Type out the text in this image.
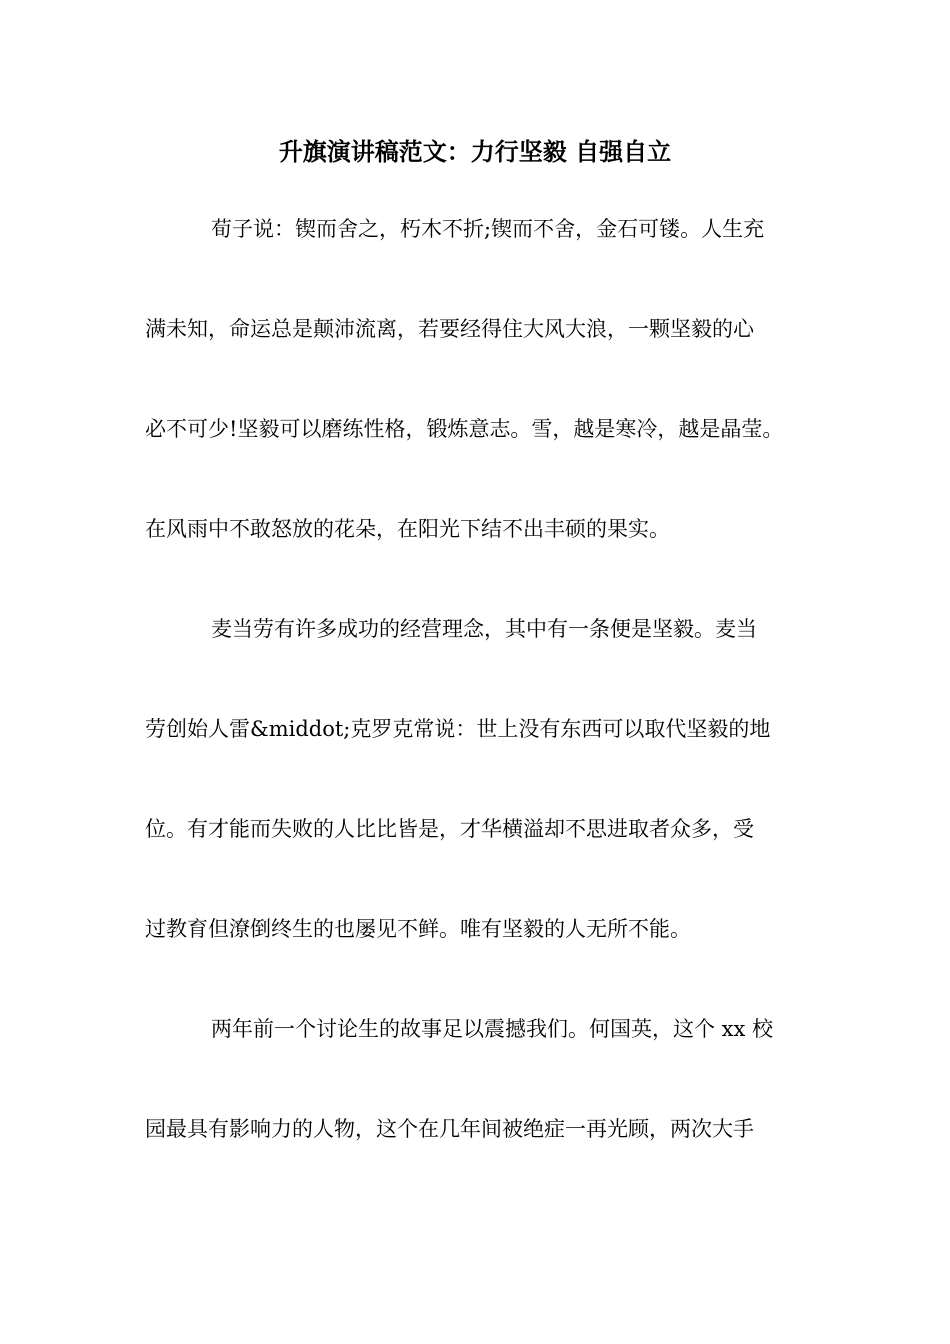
升旗演讲稿范文：力行坚毅 自强自立
荀子说：锲而舍之，朽木不折;锲而不舍，金石可镂。人生充
满未知，命运总是颠沛流离，若要经得住大风大浪，一颗坚毅的心
必不可少!坚毅可以磨练性格，锻炼意志。雪，越是寒冷，越是晶莹。
在风雨中不敢怒放的花朵，在阳光下结不出丰硕的果实。
麦当劳有许多成功的经营理念，其中有一条便是坚毅。麦当
劳创始人雷&middot;克罗克常说：世上没有东西可以取代坚毅的地
位。有才能而失败的人比比皆是，才华横溢却不思进取者众多，受
过教育但潦倒终生的也屡见不鲜。唯有坚毅的人无所不能。
两年前一个讨论生的故事足以震撼我们。何国英，这个 xx 校
园最具有影响力的人物，这个在几年间被绝症一再光顾，两次大手
